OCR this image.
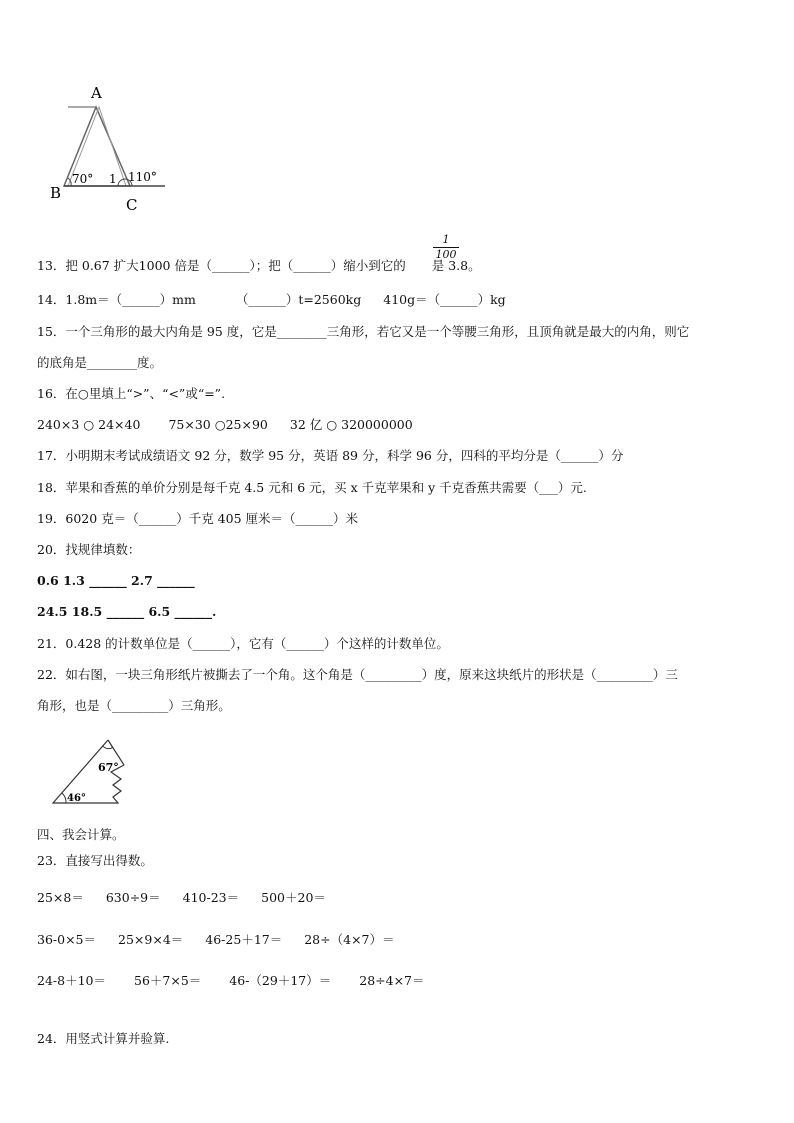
A
B
C
70° 1 110°
$\frac{1}{100}$
13．把 0.67 扩大1000 倍是（______）；把（______）缩小到它的 是 3.8。
14．1.8m＝（______）mm	（______）t=2560kg 410g＝（______）kg
15．一个三角形的最大内角是 95 度，它是________三角形，若它又是一个等腰三角形，且顶角就是最大的内角，则它
的底角是________度。
16．在○里填上“>”、“<”或“=”.
240×3 ○ 24×40 75×30 ○25×90 32 亿 ○ 320000000
17．小明期末考试成绩语文 92 分，数学 95 分，英语 89 分，科学 96 分，四科的平均分是（______）分
18．苹果和香蕉的单价分别是每千克 4.5 元和 6 元，买 x 千克苹果和 y 千克香蕉共需要（___）元.
19．6020 克＝（______）千克 405 厘米＝（______）米
20．找规律填数：
0.6 1.3 ______ 2.7 ______
24.5 18.5 ______ 6.5 ______.
21．0.428 的计数单位是（______），它有（______）个这样的计数单位。
22．如右图，一块三角形纸片被撕去了一个角。这个角是（_________）度，原来这块纸片的形状是（_________）三
角形，也是（_________）三角形。
67°
46°
四、我会计算。
23．直接写出得数。
25×8＝ 630÷9＝ 410-23＝ 500＋20＝
36-0×5＝ 25×9×4＝ 46-25＋17＝ 28÷（4×7）＝
24-8＋10＝ 56＋7×5＝ 46-（29＋17）＝ 28÷4×7＝
24．用竖式计算并验算.
